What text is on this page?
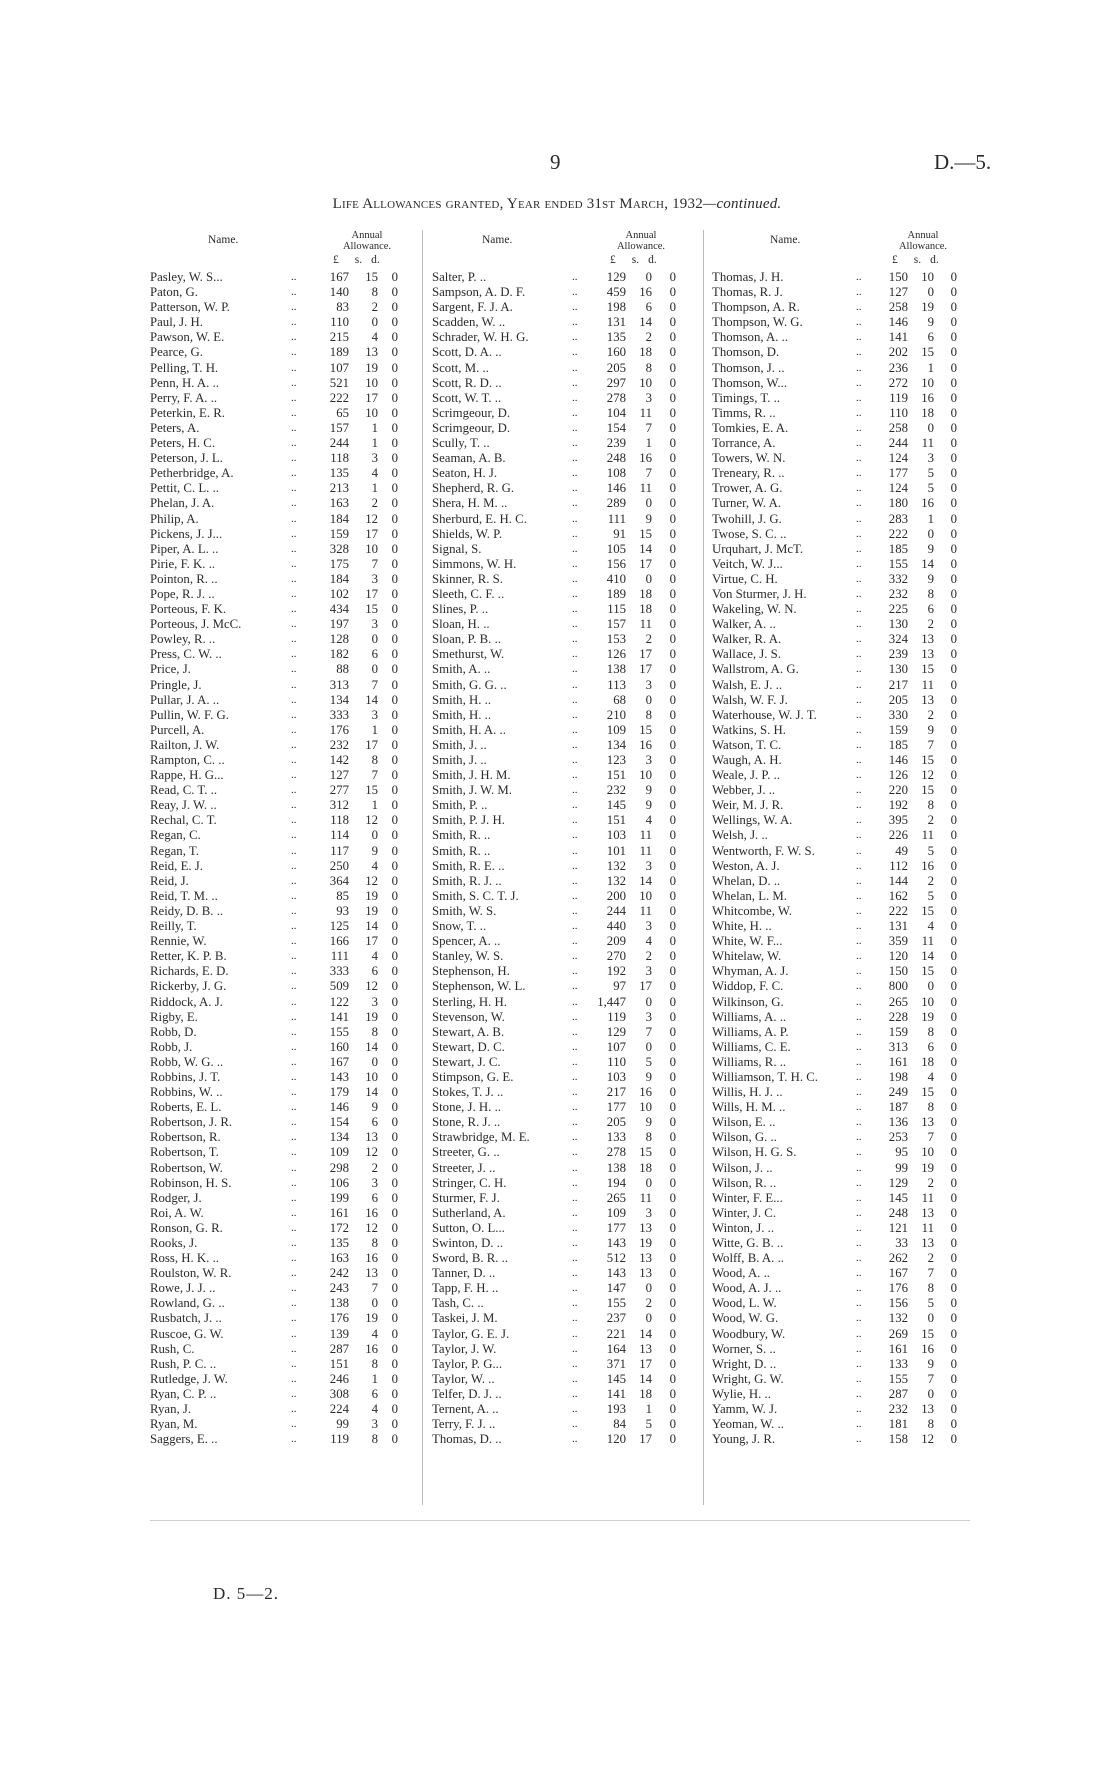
9	D.—5.
Life Allowances granted, Year ended 31st March, 1932—continued.
Name.	Annual
Allowance.
£ s. d.
Pasley, W. S...	..	167	15	0
Paton, G.	..	140	8	0
Patterson, W. P.	..	83	2	0
Paul, J. H.	..	110	0	0
Pawson, W. E.	..	215	4	0
Pearce, G.	..	189	13	0
Pelling, T. H.	..	107	19	0
Penn, H. A. ..	..	521	10	0
Perry, F. A. ..	..	222	17	0
Peterkin, E. R.	..	65	10	0
Peters, A.	..	157	1	0
Peters, H. C.	..	244	1	0
Peterson, J. L.	..	118	3	0
Petherbridge, A.	..	135	4	0
Pettit, C. L. ..	..	213	1	0
Phelan, J. A.	..	163	2	0
Philip, A.	..	184	12	0
Pickens, J. J...	..	159	17	0
Piper, A. L. ..	..	328	10	0
Pirie, F. K. ..	..	175	7	0
Pointon, R. ..	..	184	3	0
Pope, R. J. ..	..	102	17	0
Porteous, F. K.	..	434	15	0
Porteous, J. McC.	..	197	3	0
Powley, R. ..	..	128	0	0
Press, C. W. ..	..	182	6	0
Price, J.	..	88	0	0
Pringle, J.	..	313	7	0
Pullar, J. A. ..	..	134	14	0
Pullin, W. F. G.	..	333	3	0
Purcell, A.	..	176	1	0
Railton, J. W.	..	232	17	0
Rampton, C. ..	..	142	8	0
Rappe, H. G...	..	127	7	0
Read, C. T. ..	..	277	15	0
Reay, J. W. ..	..	312	1	0
Rechal, C. T.	..	118	12	0
Regan, C.	..	114	0	0
Regan, T.	..	117	9	0
Reid, E. J.	..	250	4	0
Reid, J.	..	364	12	0
Reid, T. M. ..	..	85	19	0
Reidy, D. B. ..	..	93	19	0
Reilly, T.	..	125	14	0
Rennie, W.	..	166	17	0
Retter, K. P. B.	..	111	4	0
Richards, E. D.	..	333	6	0
Rickerby, J. G.	..	509	12	0
Riddock, A. J.	..	122	3	0
Rigby, E.	..	141	19	0
Robb, D.	..	155	8	0
Robb, J.	..	160	14	0
Robb, W. G. ..	..	167	0	0
Robbins, J. T.	..	143	10	0
Robbins, W. ..	..	179	14	0
Roberts, E. L.	..	146	9	0
Robertson, J. R.	..	154	6	0
Robertson, R.	..	134	13	0
Robertson, T.	..	109	12	0
Robertson, W.	..	298	2	0
Robinson, H. S.	..	106	3	0
Rodger, J.	..	199	6	0
Roi, A. W.	..	161	16	0
Ronson, G. R.	..	172	12	0
Rooks, J.	..	135	8	0
Ross, H. K. ..	..	163	16	0
Roulston, W. R.	..	242	13	0
Rowe, J. J. ..	..	243	7	0
Rowland, G. ..	..	138	0	0
Rusbatch, J. ..	..	176	19	0
Ruscoe, G. W.	..	139	4	0
Rush, C.	..	287	16	0
Rush, P. C. ..	..	151	8	0
Rutledge, J. W.	..	246	1	0
Ryan, C. P. ..	..	308	6	0
Ryan, J.	..	224	4	0
Ryan, M.	..	99	3	0
Saggers, E. ..	..	119	8	0
Name.	Annual
Allowance.
£ s. d.
Salter, P. ..	..	129	0	0
Sampson, A. D. F.	..	459	16	0
Sargent, F. J. A.	..	198	6	0
Scadden, W. ..	..	131	14	0
Schrader, W. H. G.	..	135	2	0
Scott, D. A. ..	..	160	18	0
Scott, M. ..	..	205	8	0
Scott, R. D. ..	..	297	10	0
Scott, W. T. ..	..	278	3	0
Scrimgeour, D.	..	104	11	0
Scrimgeour, D.	..	154	7	0
Scully, T. ..	..	239	1	0
Seaman, A. B.	..	248	16	0
Seaton, H. J.	..	108	7	0
Shepherd, R. G.	..	146	11	0
Shera, H. M. ..	..	289	0	0
Sherburd, E. H. C.	..	111	9	0
Shields, W. P.	..	91	15	0
Signal, S.	..	105	14	0
Simmons, W. H.	..	156	17	0
Skinner, R. S.	..	410	0	0
Sleeth, C. F. ..	..	189	18	0
Slines, P. ..	..	115	18	0
Sloan, H. ..	..	157	11	0
Sloan, P. B. ..	..	153	2	0
Smethurst, W.	..	126	17	0
Smith, A. ..	..	138	17	0
Smith, G. G. ..	..	113	3	0
Smith, H. ..	..	68	0	0
Smith, H. ..	..	210	8	0
Smith, H. A. ..	..	109	15	0
Smith, J. ..	..	134	16	0
Smith, J. ..	..	123	3	0
Smith, J. H. M.	..	151	10	0
Smith, J. W. M.	..	232	9	0
Smith, P. ..	..	145	9	0
Smith, P. J. H.	..	151	4	0
Smith, R. ..	..	103	11	0
Smith, R. ..	..	101	11	0
Smith, R. E. ..	..	132	3	0
Smith, R. J. ..	..	132	14	0
Smith, S. C. T. J.	..	200	10	0
Smith, W. S.	..	244	11	0
Snow, T. ..	..	440	3	0
Spencer, A. ..	..	209	4	0
Stanley, W. S.	..	270	2	0
Stephenson, H.	..	192	3	0
Stephenson, W. L.	..	97	17	0
Sterling, H. H.	..	1,447	0	0
Stevenson, W.	..	119	3	0
Stewart, A. B.	..	129	7	0
Stewart, D. C.	..	107	0	0
Stewart, J. C.	..	110	5	0
Stimpson, G. E.	..	103	9	0
Stokes, T. J. ..	..	217	16	0
Stone, J. H. ..	..	177	10	0
Stone, R. J. ..	..	205	9	0
Strawbridge, M. E.	..	133	8	0
Streeter, G. ..	..	278	15	0
Streeter, J. ..	..	138	18	0
Stringer, C. H.	..	194	0	0
Sturmer, F. J.	..	265	11	0
Sutherland, A.	..	109	3	0
Sutton, O. L...	..	177	13	0
Swinton, D. ..	..	143	19	0
Sword, B. R. ..	..	512	13	0
Tanner, D. ..	..	143	13	0
Tapp, F. H. ..	..	147	0	0
Tash, C. ..	..	155	2	0
Taskei, J. M.	..	237	0	0
Taylor, G. E. J.	..	221	14	0
Taylor, J. W.	..	164	13	0
Taylor, P. G...	..	371	17	0
Taylor, W. ..	..	145	14	0
Telfer, D. J. ..	..	141	18	0
Ternent, A. ..	..	193	1	0
Terry, F. J. ..	..	84	5	0
Thomas, D. ..	..	120	17	0
Name.	Annual
Allowance.
£ s. d.
Thomas, J. H.	..	150	10	0
Thomas, R. J.	..	127	0	0
Thompson, A. R.	..	258	19	0
Thompson, W. G.	..	146	9	0
Thomson, A. ..	..	141	6	0
Thomson, D.	..	202	15	0
Thomson, J. ..	..	236	1	0
Thomson, W...	..	272	10	0
Timings, T. ..	..	119	16	0
Timms, R. ..	..	110	18	0
Tomkies, E. A.	..	258	0	0
Torrance, A.	..	244	11	0
Towers, W. N.	..	124	3	0
Treneary, R. ..	..	177	5	0
Trower, A. G.	..	124	5	0
Turner, W. A.	..	180	16	0
Twohill, J. G.	..	283	1	0
Twose, S. C. ..	..	222	0	0
Urquhart, J. McT.	..	185	9	0
Veitch, W. J...	..	155	14	0
Virtue, C. H.	..	332	9	0
Von Sturmer, J. H.	..	232	8	0
Wakeling, W. N.	..	225	6	0
Walker, A. ..	..	130	2	0
Walker, R. A.	..	324	13	0
Wallace, J. S.	..	239	13	0
Wallstrom, A. G.	..	130	15	0
Walsh, E. J. ..	..	217	11	0
Walsh, W. F. J.	..	205	13	0
Waterhouse, W. J. T.	..	330	2	0
Watkins, S. H.	..	159	9	0
Watson, T. C.	..	185	7	0
Waugh, A. H.	..	146	15	0
Weale, J. P. ..	..	126	12	0
Webber, J. ..	..	220	15	0
Weir, M. J. R.	..	192	8	0
Wellings, W. A.	..	395	2	0
Welsh, J. ..	..	226	11	0
Wentworth, F. W. S.	..	49	5	0
Weston, A. J.	..	112	16	0
Whelan, D. ..	..	144	2	0
Whelan, L. M.	..	162	5	0
Whitcombe, W.	..	222	15	0
White, H. ..	..	131	4	0
White, W. F...	..	359	11	0
Whitelaw, W.	..	120	14	0
Whyman, A. J.	..	150	15	0
Widdop, F. C.	..	800	0	0
Wilkinson, G.	..	265	10	0
Williams, A. ..	..	228	19	0
Williams, A. P.	..	159	8	0
Williams, C. E.	..	313	6	0
Williams, R. ..	..	161	18	0
Williamson, T. H. C.	..	198	4	0
Willis, H. J. ..	..	249	15	0
Wills, H. M. ..	..	187	8	0
Wilson, E. ..	..	136	13	0
Wilson, G. ..	..	253	7	0
Wilson, H. G. S.	..	95	10	0
Wilson, J. ..	..	99	19	0
Wilson, R. ..	..	129	2	0
Winter, F. E...	..	145	11	0
Winter, J. C.	..	248	13	0
Winton, J. ..	..	121	11	0
Witte, G. B. ..	..	33	13	0
Wolff, B. A. ..	..	262	2	0
Wood, A. ..	..	167	7	0
Wood, A. J. ..	..	176	8	0
Wood, L. W.	..	156	5	0
Wood, W. G.	..	132	0	0
Woodbury, W.	..	269	15	0
Worner, S. ..	..	161	16	0
Wright, D. ..	..	133	9	0
Wright, G. W.	..	155	7	0
Wylie, H. ..	..	287	0	0
Yamm, W. J.	..	232	13	0
Yeoman, W. ..	..	181	8	0
Young, J. R.	..	158	12	0
D. 5—2.
